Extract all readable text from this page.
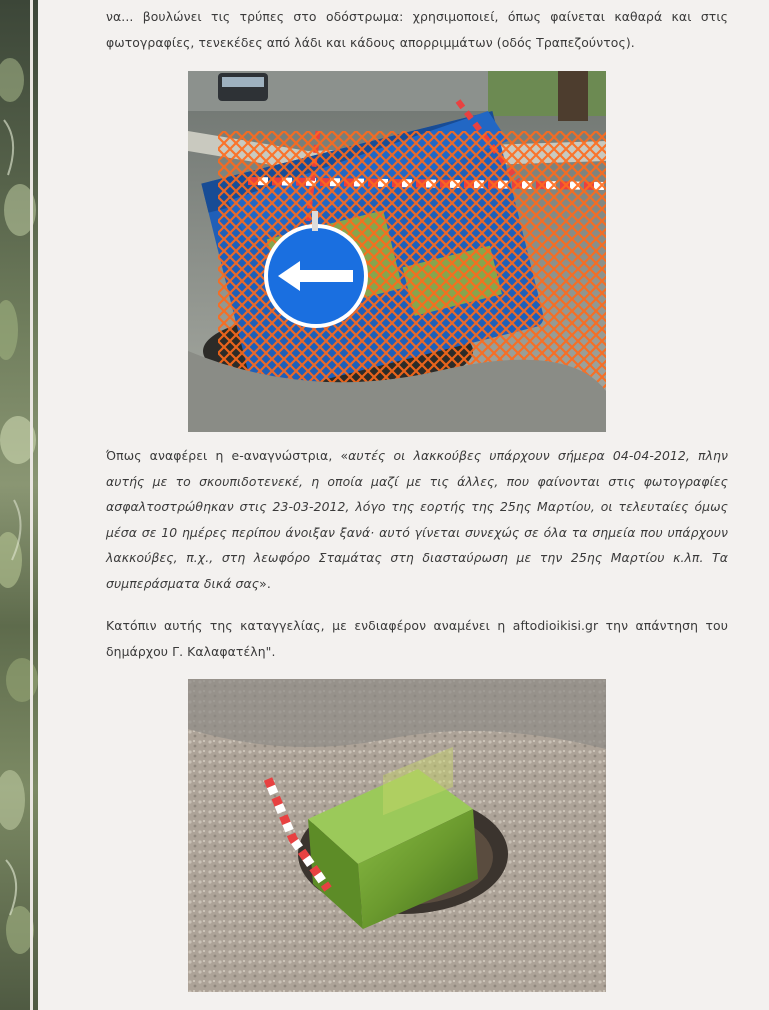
να... βουλώνει τις τρύπες στο οδόστρωμα: χρησιμοποιεί, όπως φαίνεται καθαρά και στις φωτογραφίες, τενεκέδες από λάδι και κάδους απορριμμάτων (οδός Τραπεζούντος).

Όπως αναφέρει η e-αναγνώστρια, «αυτές οι λακκούβες υπάρχουν σήμερα 04-04-2012, πλην αυτής με το σκουπιδοτενεκέ, η οποία μαζί με τις άλλες, που φαίνονται στις φωτογραφίες ασφαλτοστρώθηκαν στις 23-03-2012, λόγο της εορτής της 25ης Μαρτίου, οι τελευταίες όμως μέσα σε 10 ημέρες περίπου άνοιξαν ξανά· αυτό γίνεται συνεχώς σε όλα τα σημεία που υπάρχουν λακκούβες, π.χ., στη λεωφόρο Σταμάτας στη διασταύρωση με την 25ης Μαρτίου κ.λπ. Τα συμπεράσματα δικά σας».

Κατόπιν αυτής της καταγγελίας, με ενδιαφέρον αναμένει η aftodioikisi.gr την απάντηση του δημάρχου Γ. Καλαφατέλη".
